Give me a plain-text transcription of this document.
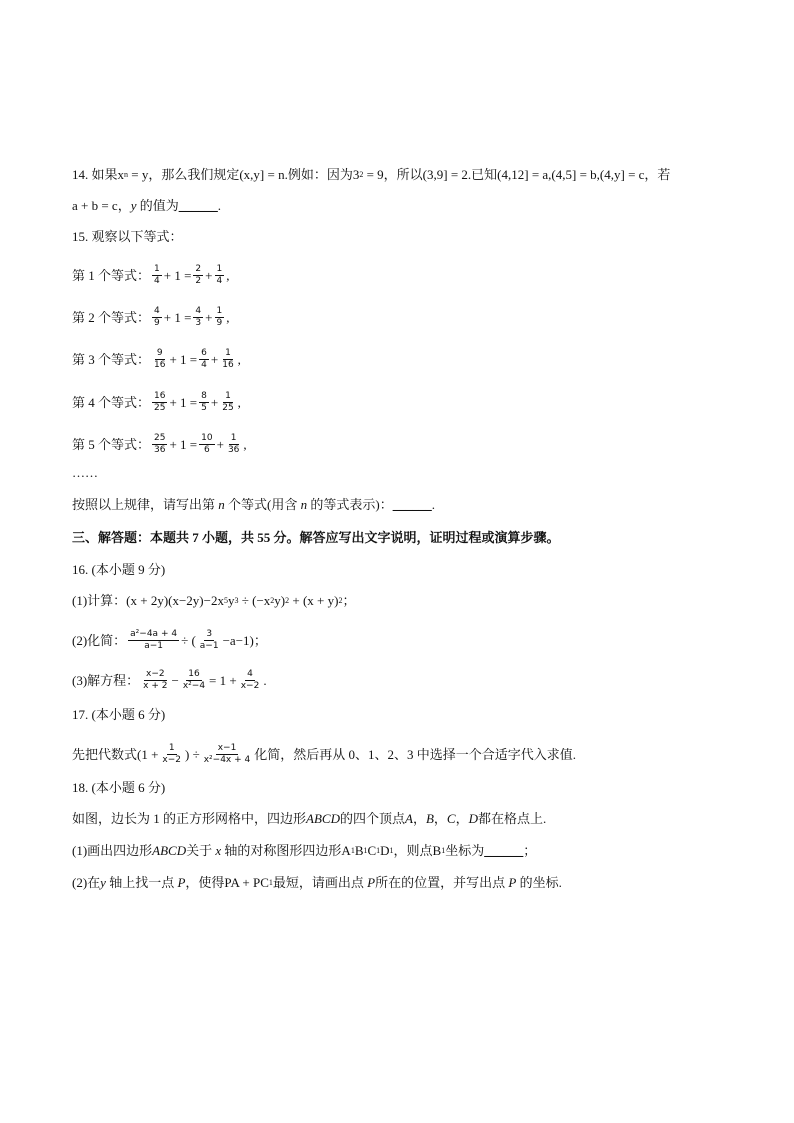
14. 如果x n = y，那么我们规定(x,y] = n.例如：因为3 2 = 9，所以(3,9] = 2.已知(4,12] = a,(4,5] = b,(4,y] = c，若
a + b = c， y 的值为 ______ .
15. 观察以下等式：
第 1 个等式： $\frac{1}{4} + 1 = \frac{2}{2} + \frac{1}{4}$ ,
第 2 个等式： $\frac{4}{9} + 1 = \frac{4}{3} + \frac{1}{9}$ ,
第 3 个等式： $\frac{9}{16} + 1 = \frac{6}{4} + \frac{1}{16}$ ,
第 4 个等式： $\frac{16}{25} + 1 = \frac{8}{5} + \frac{1}{25}$ ,
第 5 个等式： $\frac{25}{36} + 1 = \frac{10}{6} + \frac{1}{36}$ ,
……
按照以上规律，请写出第 n 个等式(用含 n 的等式表示)： ______ .
三、解答题：本题共 7 小题，共 55 分。解答应写出文字说明，证明过程或演算步骤。
16. (本小题 9 分)
(1)计算：(x + 2y)(x−2y)−2x 5 y 3 ÷ (−x 2 y) 2 + (x + y) 2 ；
(2)化简： $\frac{\text{a²−4a + 4}}{a-1}$ ÷ ( $\frac{3}{a-1} -a-1$)；
(3)解方程： $\frac{x-2}{x + 2} - \frac{16}{\text{x²−4}} = 1 + \frac{4}{x-2}$ .
17. (本小题 6 分)
先把代数式($1 + \frac{1}{x-2}$ ) ÷ $\frac{x-1}{\text{x²−4x + 4}}$ 化简，然后再从 0、1、2、3 中选择一个合适字代入求值.
18. (本小题 6 分)
如图，边长为 1 的正方形网格中，四边形 ABCD 的四个顶点 A ， B ， C ， D 都在格点上.
(1)画出四边形 ABCD 关于 x 轴的对称图形四边形A 1 B 1 C 1 D 1 ，则点B 1 坐标为 ______ ；
(2)在 y 轴上找一点 P ，使得PA + PC 1 最短，请画出点 P 所在的位置，并写出点 P 的坐标.
